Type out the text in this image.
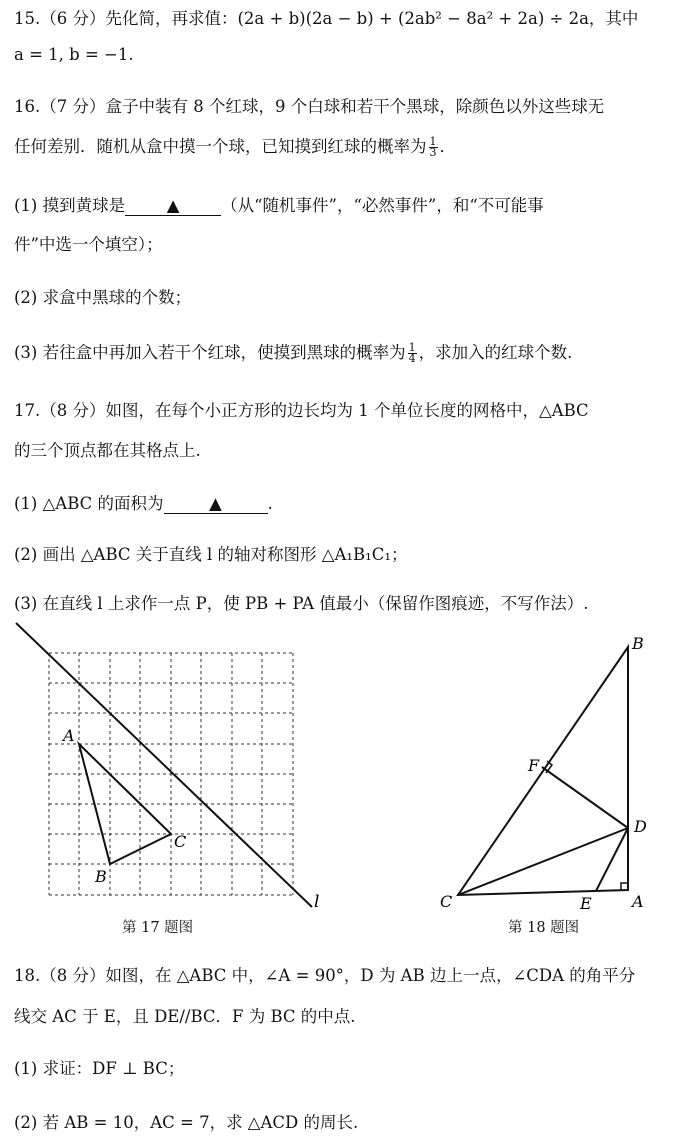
15.（6 分）先化简，再求值：(2a + b)(2a − b) + (2ab² − 8a² + 2a) ÷ 2a，其中
a = 1, b = −1.
16.（7 分）盒子中装有 8 个红球，9 个白球和若干个黑球，除颜色以外这些球无
任何差别．随机从盒中摸一个球，已知摸到红球的概率为 $\frac{1}{3}$ ．
(1) 摸到黄球是	▲	（从“随机事件”，“必然事件”，和“不可能事
件”中选一个填空）；
(2) 求盒中黑球的个数；
(3) 若往盒中再加入若干个红球，使摸到黑球的概率为 $\frac{1}{4}$ ，求加入的红球个数.
17.（8 分）如图，在每个小正方形的边长均为 1 个单位长度的网格中，△ABC
的三个顶点都在其格点上.
(1) △ABC 的面积为	▲	.
(2) 画出 △ABC 关于直线 l 的轴对称图形 △A₁B₁C₁；
(3) 在直线 l 上求作一点 P，使 PB + PA 值最小（保留作图痕迹，不写作法）.
A
B
C
l
第 17 题图
B
F
D
C	E	A
第 18 题图
18.（8 分）如图，在 △ABC 中，∠A = 90°，D 为 AB 边上一点，∠CDA 的角平分
线交 AC 于 E，且 DE//BC．F 为 BC 的中点.
(1) 求证：DF ⊥ BC；
(2) 若 AB = 10，AC = 7，求 △ACD 的周长.
